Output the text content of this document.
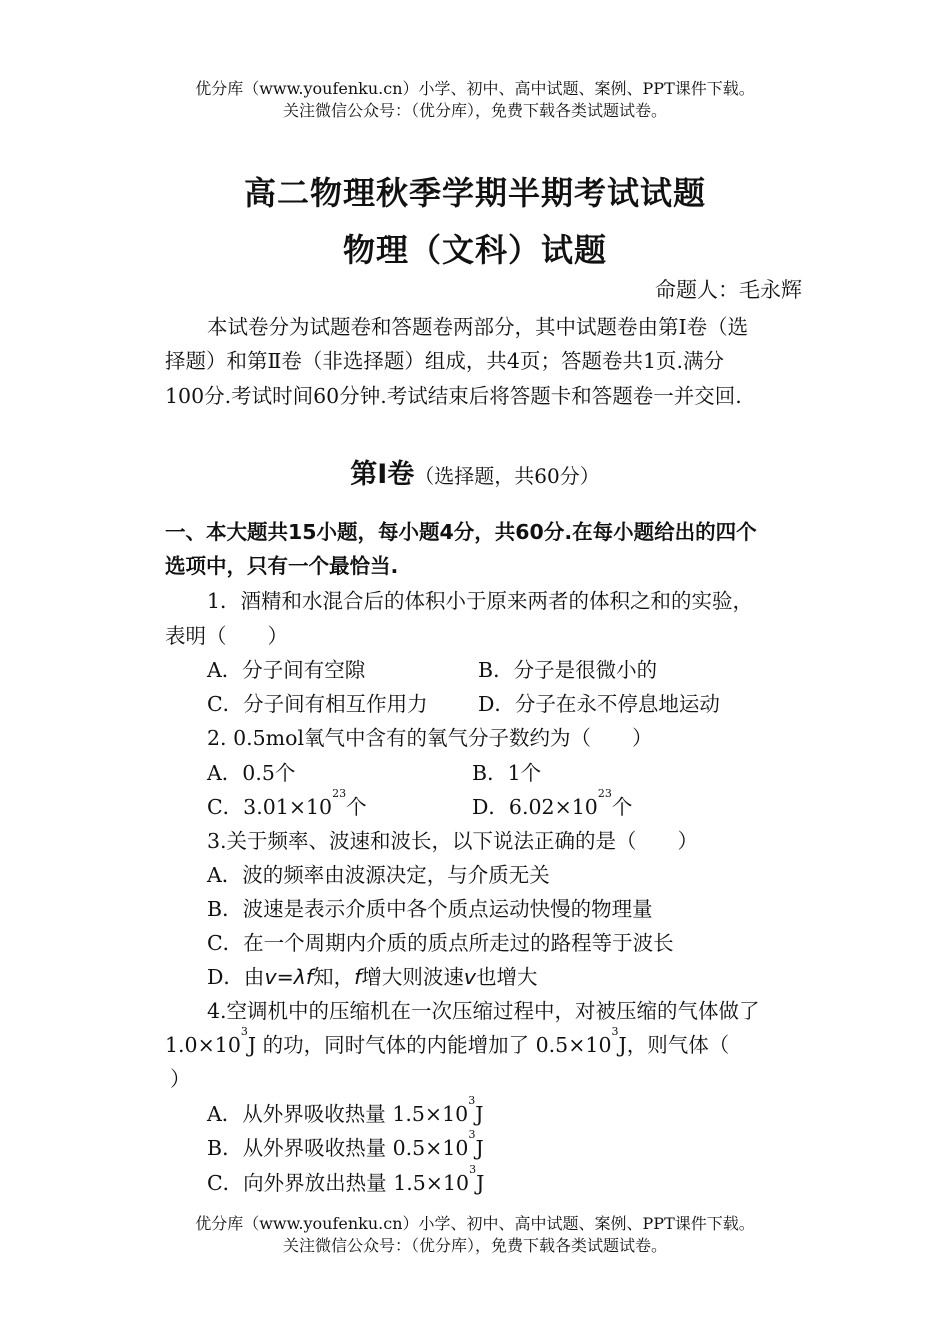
优分库（www.youfenku.cn）小学、初中、高中试题、案例、PPT课件下载。
关注微信公众号：（优分库），免费下载各类试题试卷。
高二物理秋季学期半期考试试题
物理（文科）试题
命题人：毛永辉
本试卷分为试题卷和答题卷两部分，其中试题卷由第Ⅰ卷（选
择题）和第Ⅱ卷（非选择题）组成，共4页；答题卷共1页.满分
100分.考试时间60分钟.考试结束后将答题卡和答题卷一并交回.
第Ⅰ卷（选择题，共60分）
一、本大题共15小题，每小题4分，共60分.在每小题给出的四个
选项中，只有一个最恰当.
1．酒精和水混合后的体积小于原来两者的体积之和的实验，
表明（　　）
A．分子间有空隙	B．分子是很微小的
C．分子间有相互作用力 D．分子在永不停息地运动
2. 0.5mol氧气中含有的氧气分子数约为（　　）
A．0.5个	B．1个
C．$3.01\times 10^{23}$个	D．$6.02\times 10^{23}$个
3.关于频率、波速和波长，以下说法正确的是（　　）
A．波的频率由波源决定，与介质无关
B．波速是表示介质中各个质点运动快慢的物理量
C．在一个周期内介质的质点所走过的路程等于波长
D．由v=λf知，f增大则波速v也增大
4.空调机中的压缩机在一次压缩过程中，对被压缩的气体做了
$1.0\times 10^3J$ 的功，同时气体的内能增加了 $0.5\times 10^3J$，则气体（
）
A．从外界吸收热量 $1.5\times 10^3J$
B．从外界吸收热量 $0.5\times 10^3J$
C．向外界放出热量 $1.5\times 10^3J$
优分库（www.youfenku.cn）小学、初中、高中试题、案例、PPT课件下载。
关注微信公众号：（优分库），免费下载各类试题试卷。
